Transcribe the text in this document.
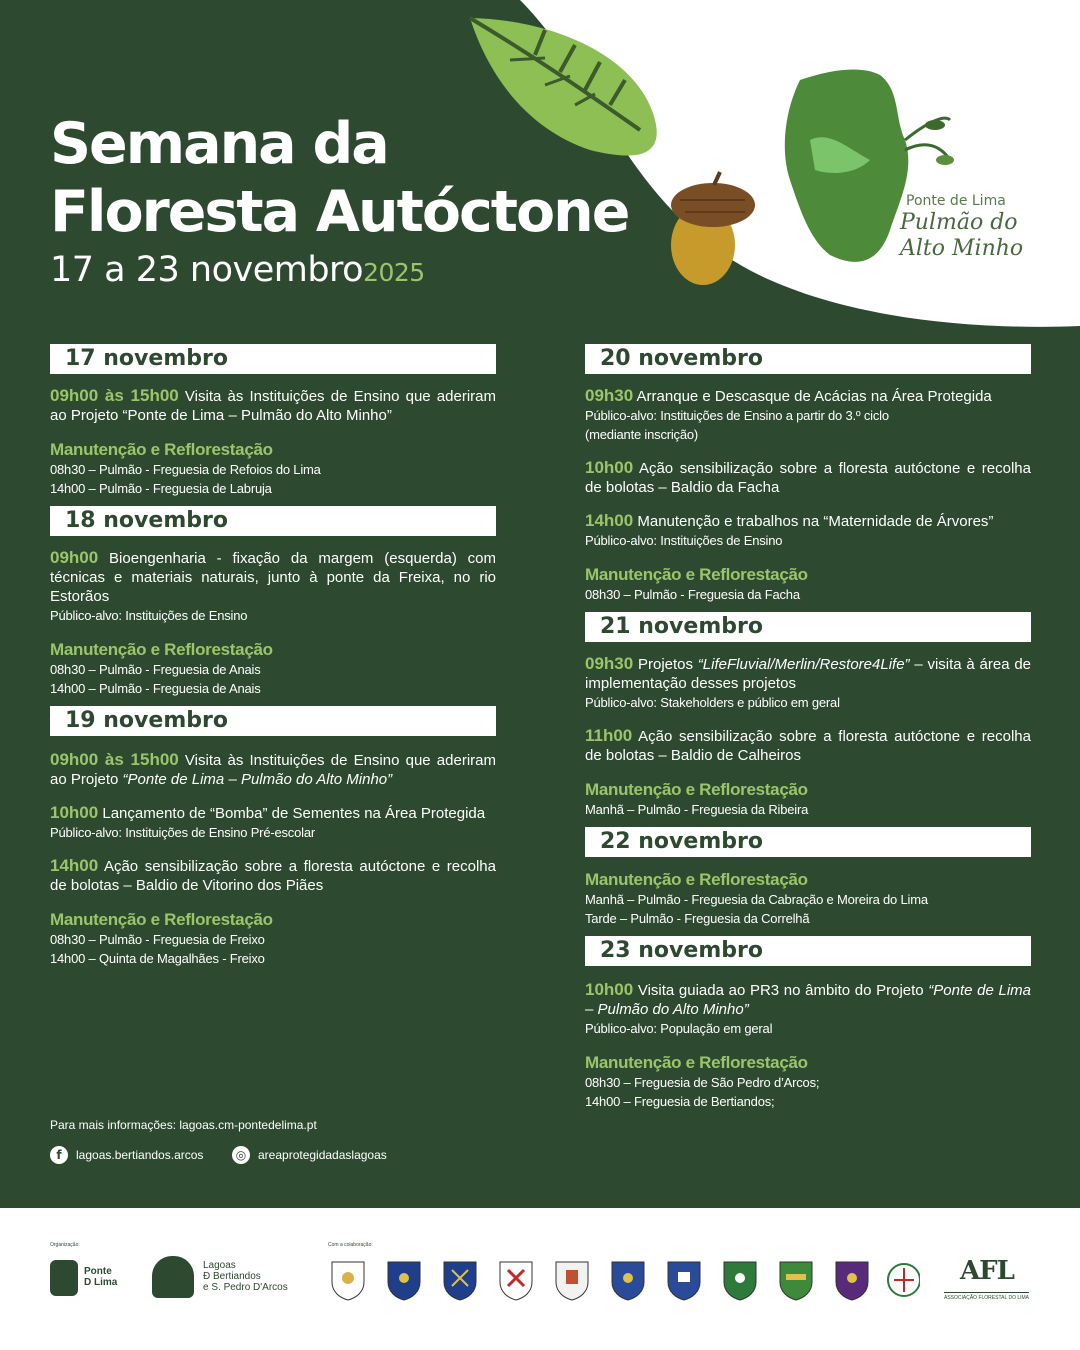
Semana da
Floresta Autóctone
17 a 23 novembro2025
Ponte de Lima
Pulmão do Alto Minho
17 novembro
09h00 às 15h00 Visita às Instituições de Ensino que aderiram ao Projeto “Ponte de Lima – Pulmão do Alto Minho”
Manutenção e Reflorestação
08h30 – Pulmão - Freguesia de Refoios do Lima
14h00 – Pulmão - Freguesia de Labruja
18 novembro
09h00 Bioengenharia - fixação da margem (esquerda) com técnicas e materiais naturais, junto à ponte da Freixa, no rio Estorãos
Público-alvo: Instituições de Ensino
Manutenção e Reflorestação
08h30 – Pulmão - Freguesia de Anais
14h00 – Pulmão - Freguesia de Anais
19 novembro
09h00 às 15h00 Visita às Instituições de Ensino que aderiram ao Projeto “Ponte de Lima – Pulmão do Alto Minho”
10h00 Lançamento de “Bomba” de Sementes na Área Protegida
Público-alvo: Instituições de Ensino Pré-escolar
14h00 Ação sensibilização sobre a floresta autóctone e recolha de bolotas – Baldio de Vitorino dos Piães
Manutenção e Reflorestação
08h30 – Pulmão - Freguesia de Freixo
14h00 – Quinta de Magalhães - Freixo
20 novembro
09h30 Arranque e Descasque de Acácias na Área Protegida
Público-alvo: Instituições de Ensino a partir do 3.º ciclo
(mediante inscrição)
10h00 Ação sensibilização sobre a floresta autóctone e recolha de bolotas – Baldio da Facha
14h00 Manutenção e trabalhos na “Maternidade de Árvores”
Público-alvo: Instituições de Ensino
Manutenção e Reflorestação
08h30 – Pulmão - Freguesia da Facha
21 novembro
09h30 Projetos “LifeFluvial/Merlin/Restore4Life” – visita à área de implementação desses projetos
Público-alvo: Stakeholders e público em geral
11h00 Ação sensibilização sobre a floresta autóctone e recolha de bolotas – Baldio de Calheiros
Manutenção e Reflorestação
Manhã – Pulmão - Freguesia da Ribeira
22 novembro
Manutenção e Reflorestação
Manhã – Pulmão - Freguesia da Cabração e Moreira do Lima
Tarde – Pulmão - Freguesia da Correlhã
23 novembro
10h00 Visita guiada ao PR3 no âmbito do Projeto “Ponte de Lima – Pulmão do Alto Minho”
Público-alvo: População em geral
Manutenção e Reflorestação
08h30 – Freguesia de São Pedro d’Arcos;
14h00 – Freguesia de Bertiandos;
Para mais informações: lagoas.cm-pontedelima.pt
f	lagoas.bertiandos.arcos	◎ areaprotegidadaslagoas
Organização:	Com a colaboração:
Ponte
D Lima
Lagoas
Ð Bertiandos
e S. Pedro D'Arcos
AFL
ASSOCIAÇÃO FLORESTAL DO LIMA
